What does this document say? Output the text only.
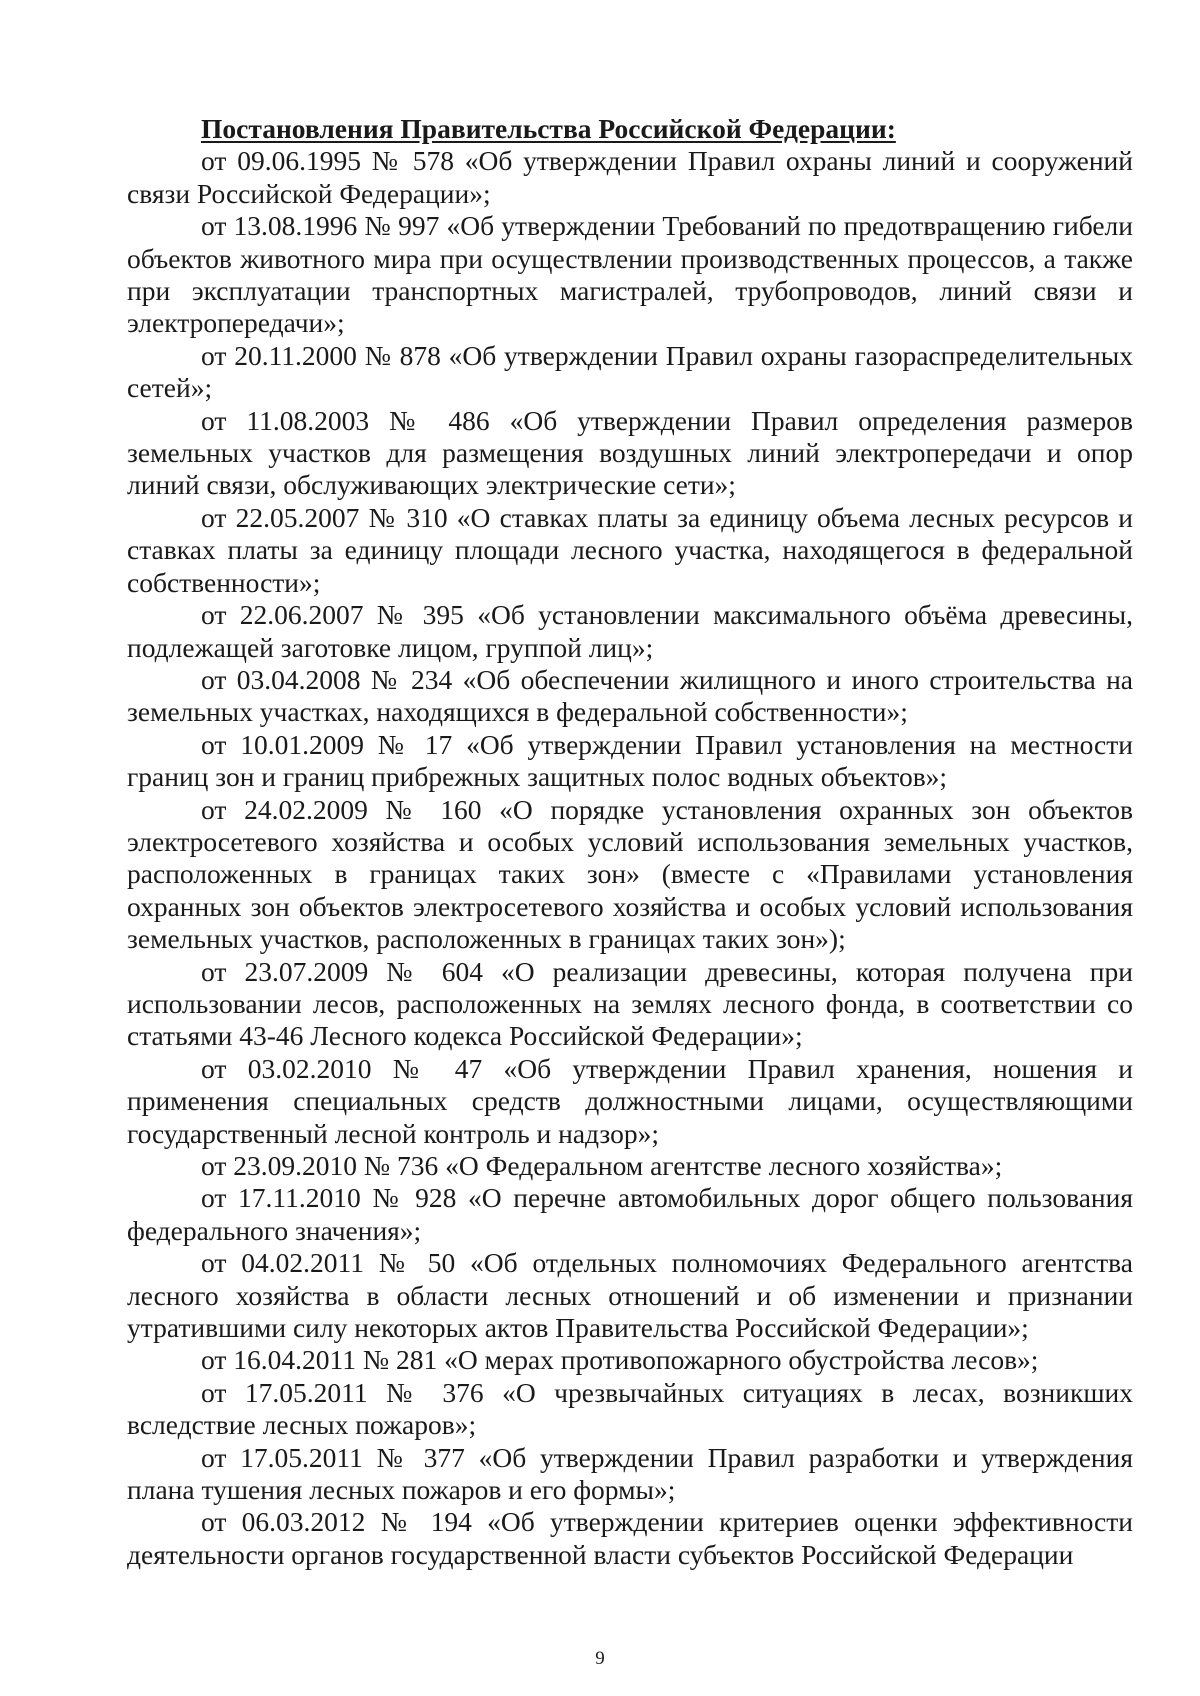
Постановления Правительства Российской Федерации:

от 09.06.1995 № 578 «Об утверждении Правил охраны линий и сооружений связи Российской Федерации»;

от 13.08.1996 № 997 «Об утверждении Требований по предотвращению гибели объектов животного мира при осуществлении производственных процессов, а также при эксплуатации транспортных магистралей, трубопроводов, линий связи и электропередачи»;

от 20.11.2000 № 878 «Об утверждении Правил охраны газораспределительных сетей»;

от 11.08.2003 № 486 «Об утверждении Правил определения размеров земельных участков для размещения воздушных линий электропередачи и опор линий связи, обслуживающих электрические сети»;

от 22.05.2007 № 310 «О ставках платы за единицу объема лесных ресурсов и ставках платы за единицу площади лесного участка, находящегося в федеральной собственности»;

от 22.06.2007 № 395 «Об установлении максимального объёма древесины, подлежащей заготовке лицом, группой лиц»;

от 03.04.2008 № 234 «Об обеспечении жилищного и иного строительства на земельных участках, находящихся в федеральной собственности»;

от 10.01.2009 № 17 «Об утверждении Правил установления на местности границ зон и границ прибрежных защитных полос водных объектов»;

от 24.02.2009 № 160 «О порядке установления охранных зон объектов электросетевого хозяйства и особых условий использования земельных участков, расположенных в границах таких зон» (вместе с «Правилами установления охранных зон объектов электросетевого хозяйства и особых условий использования земельных участков, расположенных в границах таких зон»);

от 23.07.2009 № 604 «О реализации древесины, которая получена при использовании лесов, расположенных на землях лесного фонда, в соответствии со статьями 43-46 Лесного кодекса Российской Федерации»;

от 03.02.2010 № 47 «Об утверждении Правил хранения, ношения и применения специальных средств должностными лицами, осуществляющими государственный лесной контроль и надзор»;

от 23.09.2010 № 736 «О Федеральном агентстве лесного хозяйства»;

от 17.11.2010 № 928 «О перечне автомобильных дорог общего пользования федерального значения»;

от 04.02.2011 № 50 «Об отдельных полномочиях Федерального агентства лесного хозяйства в области лесных отношений и об изменении и признании утратившими силу некоторых актов Правительства Российской Федерации»;

от 16.04.2011 № 281 «О мерах противопожарного обустройства лесов»;

от 17.05.2011 № 376 «О чрезвычайных ситуациях в лесах, возникших вследствие лесных пожаров»;

от 17.05.2011 № 377 «Об утверждении Правил разработки и утверждения плана тушения лесных пожаров и его формы»;

от 06.03.2012 № 194 «Об утверждении критериев оценки эффективности деятельности органов государственной власти субъектов Российской Федерации

9
